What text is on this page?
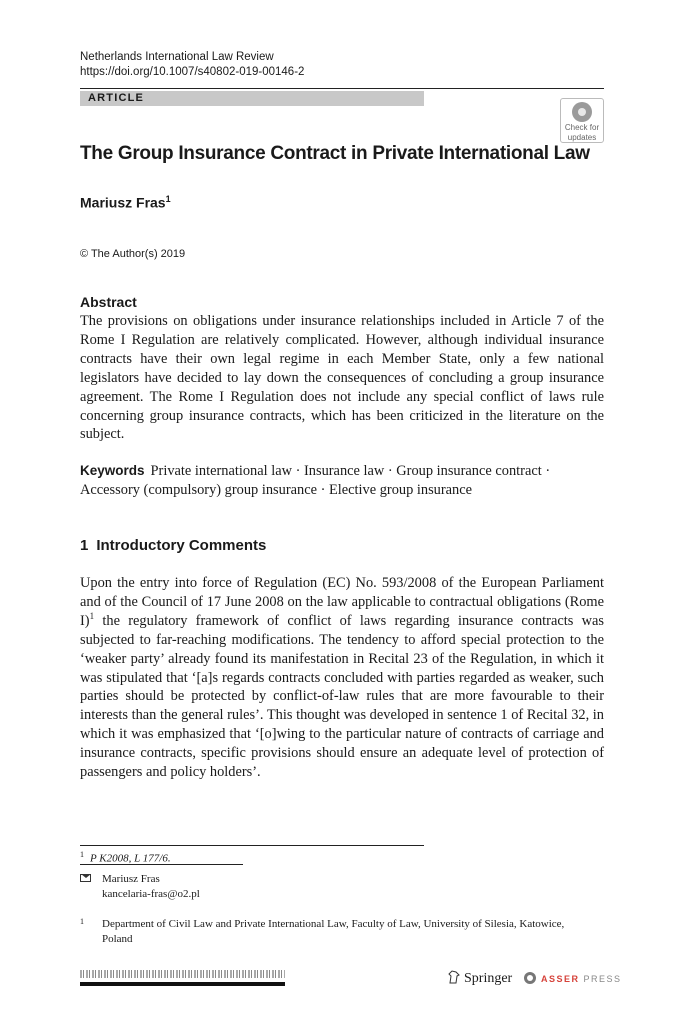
Netherlands International Law Review
https://doi.org/10.1007/s40802-019-00146-2
ARTICLE
Check for
updates
The Group Insurance Contract in Private International Law
Mariusz Fras$^1$
© The Author(s) 2019
Abstract
The provisions on obligations under insurance relationships included in Article 7 of the Rome I Regulation are relatively complicated. However, although individual insurance contracts have their own legal regime in each Member State, only a few national legislators have decided to lay down the consequences of concluding a group insurance agreement. The Rome I Regulation does not include any special conflict of laws rule concerning group insurance contracts, which has been criticized in the literature on the subject.
Keywords Private international law · Insurance law · Group insurance contract · Accessory (compulsory) group insurance · Elective group insurance
1 Introductory Comments
Upon the entry into force of Regulation (EC) No. 593/2008 of the European Parliament and of the Council of 17 June 2008 on the law applicable to contractual obligations (Rome I)$^1$ the regulatory framework of conflict of laws regarding insurance contracts was subjected to far-reaching modifications. The tendency to afford special protection to the ‘weaker party’ already found its manifestation in Recital 23 of the Regulation, in which it was stipulated that ‘[a]s regards contracts concluded with parties regarded as weaker, such parties should be protected by conflict-of-law rules that are more favourable to their interests than the general rules’. This thought was developed in sentence 1 of Recital 32, in which it was emphasized that ‘[o]wing to the particular nature of contracts of carriage and insurance contracts, specific provisions should ensure an adequate level of protection of passengers and policy holders’.
$^1$ P K2008, L 177/6.
Mariusz Fras
kancelaria-fras@o2.pl
1 Department of Civil Law and Private International Law, Faculty of Law, University of Silesia, Katowice, Poland
Springer	ASSER PRESS
